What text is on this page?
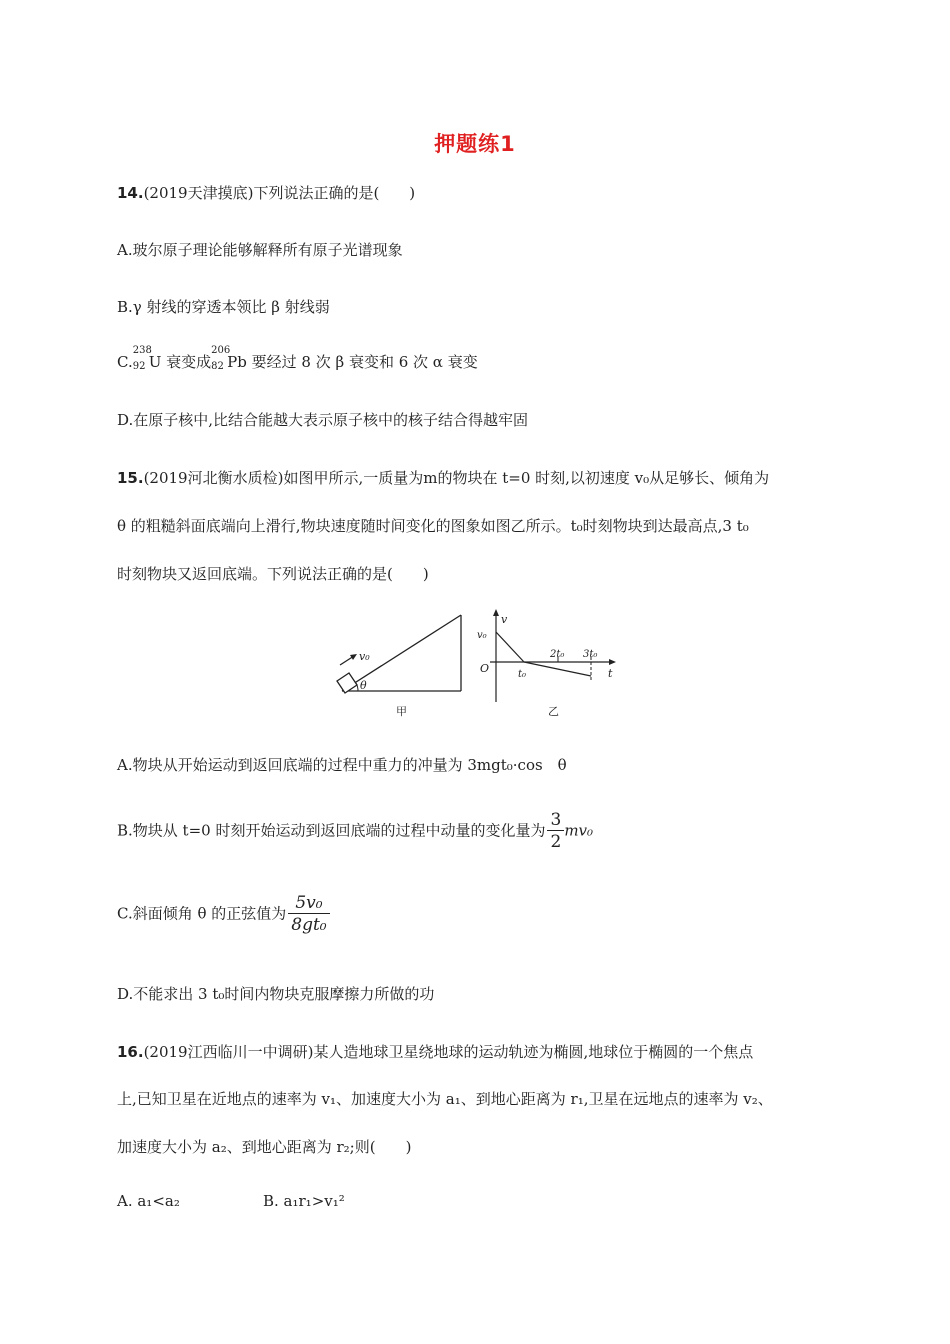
押题练1
14.(2019天津摸底)下列说法正确的是(　　)
A.玻尔原子理论能够解释所有原子光谱现象
B.γ 射线的穿透本领比 β 射线弱
C.
238
92 U 衰变成
206
82 Pb 要经过 8 次 β 衰变和 6 次 α 衰变
D.在原子核中,比结合能越大表示原子核中的核子结合得越牢固
15.(2019河北衡水质检)如图甲所示,一质量为m的物块在 t=0 时刻,以初速度 v₀从足够长、倾角为
θ 的粗糙斜面底端向上滑行,物块速度随时间变化的图象如图乙所示。t₀时刻物块到达最高点,3 t₀
时刻物块又返回底端。下列说法正确的是(　　)
v₀
θ
甲
v
v₀
O	t
t₀
2t₀ 3t₀
乙
A.物块从开始运动到返回底端的过程中重力的冲量为 3mgt₀·cos　θ
B.物块从 t=0 时刻开始运动到返回底端的过程中动量的变化量为 $\frac{3}{2} mv_0$
C.斜面倾角 θ 的正弦值为 $\frac{\text{5v₀}}{\text{8gt₀}}$
D.不能求出 3 t₀时间内物块克服摩擦力所做的功
16.(2019江西临川一中调研)某人造地球卫星绕地球的运动轨迹为椭圆,地球位于椭圆的一个焦点
上,已知卫星在近地点的速率为 v₁、加速度大小为 a₁、到地心距离为 r₁,卫星在远地点的速率为 v₂、
加速度大小为 a₂、到地心距离为 r₂;则(　　)
A. a₁<a₂	B. a₁r₁>v₁²
